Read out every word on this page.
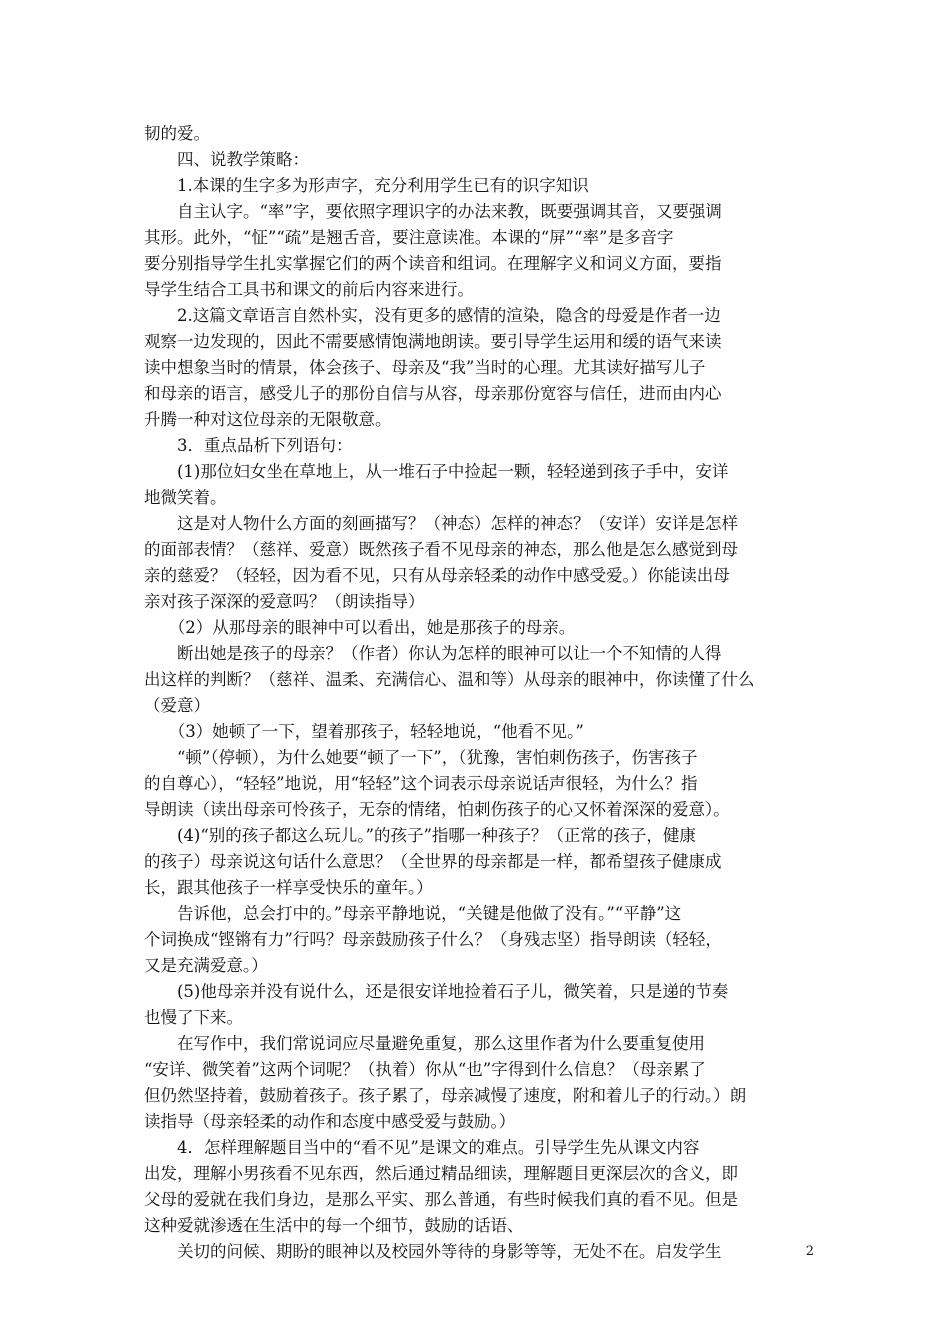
韧的爱。
　　四、说教学策略：
　　1.本课的生字多为形声字，充分利用学生已有的识字知识
　　自主认字。“率”字，要依照字理识字的办法来教，既要强调其音，又要强调
其形。此外，“怔”“疏”是翘舌音，要注意读准。本课的“屏”“率”是多音字
要分别指导学生扎实掌握它们的两个读音和组词。在理解字义和词义方面，要指
导学生结合工具书和课文的前后内容来进行。
　　2.这篇文章语言自然朴实，没有更多的感情的渲染，隐含的母爱是作者一边
观察一边发现的，因此不需要感情饱满地朗读。要引导学生运用和缓的语气来读
读中想象当时的情景，体会孩子、母亲及“我”当时的心理。尤其读好描写儿子
和母亲的语言，感受儿子的那份自信与从容，母亲那份宽容与信任，进而由内心
升腾一种对这位母亲的无限敬意。
　　3．重点品析下列语句：
　　(1)那位妇女坐在草地上，从一堆石子中捡起一颗，轻轻递到孩子手中，安详
地微笑着。
　　这是对人物什么方面的刻画描写？（神态）怎样的神态？（安详）安详是怎样
的面部表情？（慈祥、爱意）既然孩子看不见母亲的神态，那么他是怎么感觉到母
亲的慈爱？（轻轻，因为看不见，只有从母亲轻柔的动作中感受爱。）你能读出母
亲对孩子深深的爱意吗？（朗读指导）
　　（2）从那母亲的眼神中可以看出，她是那孩子的母亲。
　　断出她是孩子的母亲？（作者）你认为怎样的眼神可以让一个不知情的人得
出这样的判断？（慈祥、温柔、充满信心、温和等）从母亲的眼神中，你读懂了什么
（爱意）
　　（3）她顿了一下，望着那孩子，轻轻地说，“他看不见。”
　　“顿”（停顿），为什么她要“顿了一下”，（犹豫，害怕刺伤孩子，伤害孩子
的自尊心），“轻轻”地说，用“轻轻”这个词表示母亲说话声很轻，为什么？指
导朗读（读出母亲可怜孩子，无奈的情绪，怕刺伤孩子的心又怀着深深的爱意）。
　　(4)“别的孩子都这么玩儿。”的孩子”指哪一种孩子？（正常的孩子，健康
的孩子）母亲说这句话什么意思？（全世界的母亲都是一样，都希望孩子健康成
长，跟其他孩子一样享受快乐的童年。）
　　告诉他，总会打中的。”母亲平静地说，“关键是他做了没有。”“平静”这
个词换成“铿锵有力”行吗？母亲鼓励孩子什么？（身残志坚）指导朗读（轻轻，
又是充满爱意。）
　　(5)他母亲并没有说什么，还是很安详地捡着石子儿，微笑着，只是递的节奏
也慢了下来。
　　在写作中，我们常说词应尽量避免重复，那么这里作者为什么要重复使用
“安详、微笑着”这两个词呢？（执着）你从“也”字得到什么信息？（母亲累了
但仍然坚持着，鼓励着孩子。孩子累了，母亲减慢了速度，附和着儿子的行动。）朗
读指导（母亲轻柔的动作和态度中感受爱与鼓励。）
　　4．怎样理解题目当中的“看不见”是课文的难点。引导学生先从课文内容
出发，理解小男孩看不见东西，然后通过精品细读，理解题目更深层次的含义，即
父母的爱就在我们身边，是那么平实、那么普通，有些时候我们真的看不见。但是
这种爱就渗透在生活中的每一个细节，鼓励的话语、
　　关切的问候、期盼的眼神以及校园外等待的身影等等，无处不在。启发学生	2
